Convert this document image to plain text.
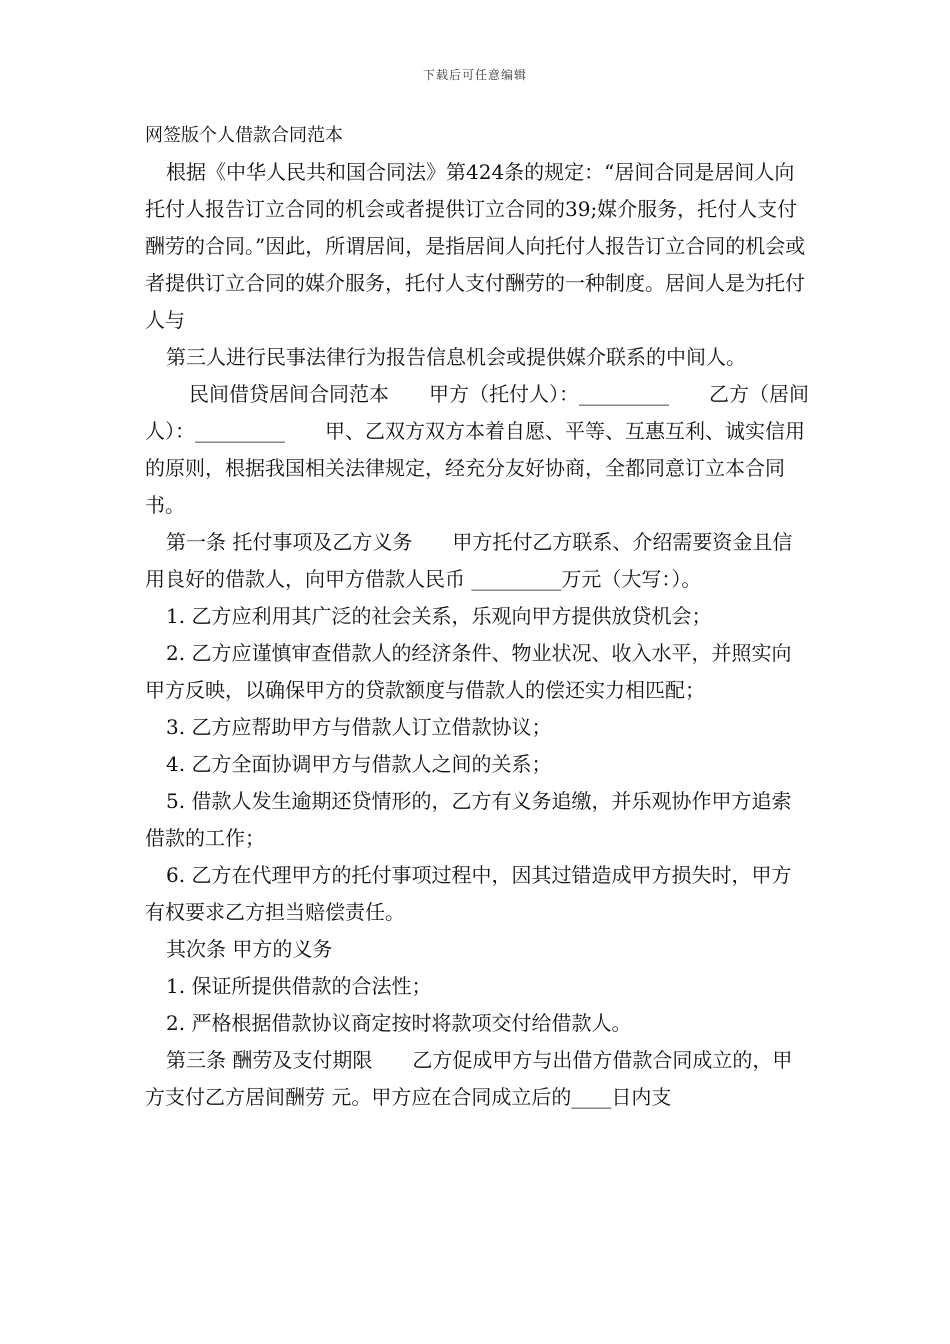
下载后可任意编辑

网签版个人借款合同范本

根据《中华人民共和国合同法》第424条的规定：“居间合同是居间人向托付人报告订立合同的机会或者提供订立合同的39;媒介服务，托付人支付酬劳的合同。”因此，所谓居间，是指居间人向托付人报告订立合同的机会或者提供订立合同的媒介服务，托付人支付酬劳的一种制度。居间人是为托付人与

第三人进行民事法律行为报告信息机会或提供媒介联系的中间人。

民间借贷居间合同范本　　甲方（托付人）：_________　　乙方（居间人）：_________　　甲、乙双方双方本着自愿、平等、互惠互利、诚实信用的原则，根据我国相关法律规定，经充分友好协商，全都同意订立本合同书。

第一条 托付事项及乙方义务　　甲方托付乙方联系、介绍需要资金且信用良好的借款人，向甲方借款人民币 _________万元（大写：）。

1. 乙方应利用其广泛的社会关系，乐观向甲方提供放贷机会；

2. 乙方应谨慎审查借款人的经济条件、物业状况、收入水平，并照实向甲方反映，以确保甲方的贷款额度与借款人的偿还实力相匹配；

3. 乙方应帮助甲方与借款人订立借款协议；

4. 乙方全面协调甲方与借款人之间的关系；

5. 借款人发生逾期还贷情形的，乙方有义务追缴，并乐观协作甲方追索借款的工作；

6. 乙方在代理甲方的托付事项过程中，因其过错造成甲方损失时，甲方有权要求乙方担当赔偿责任。

其次条 甲方的义务

1. 保证所提供借款的合法性；

2. 严格根据借款协议商定按时将款项交付给借款人。

第三条 酬劳及支付期限　　乙方促成甲方与出借方借款合同成立的，甲方支付乙方居间酬劳 元。甲方应在合同成立后的____日内支
